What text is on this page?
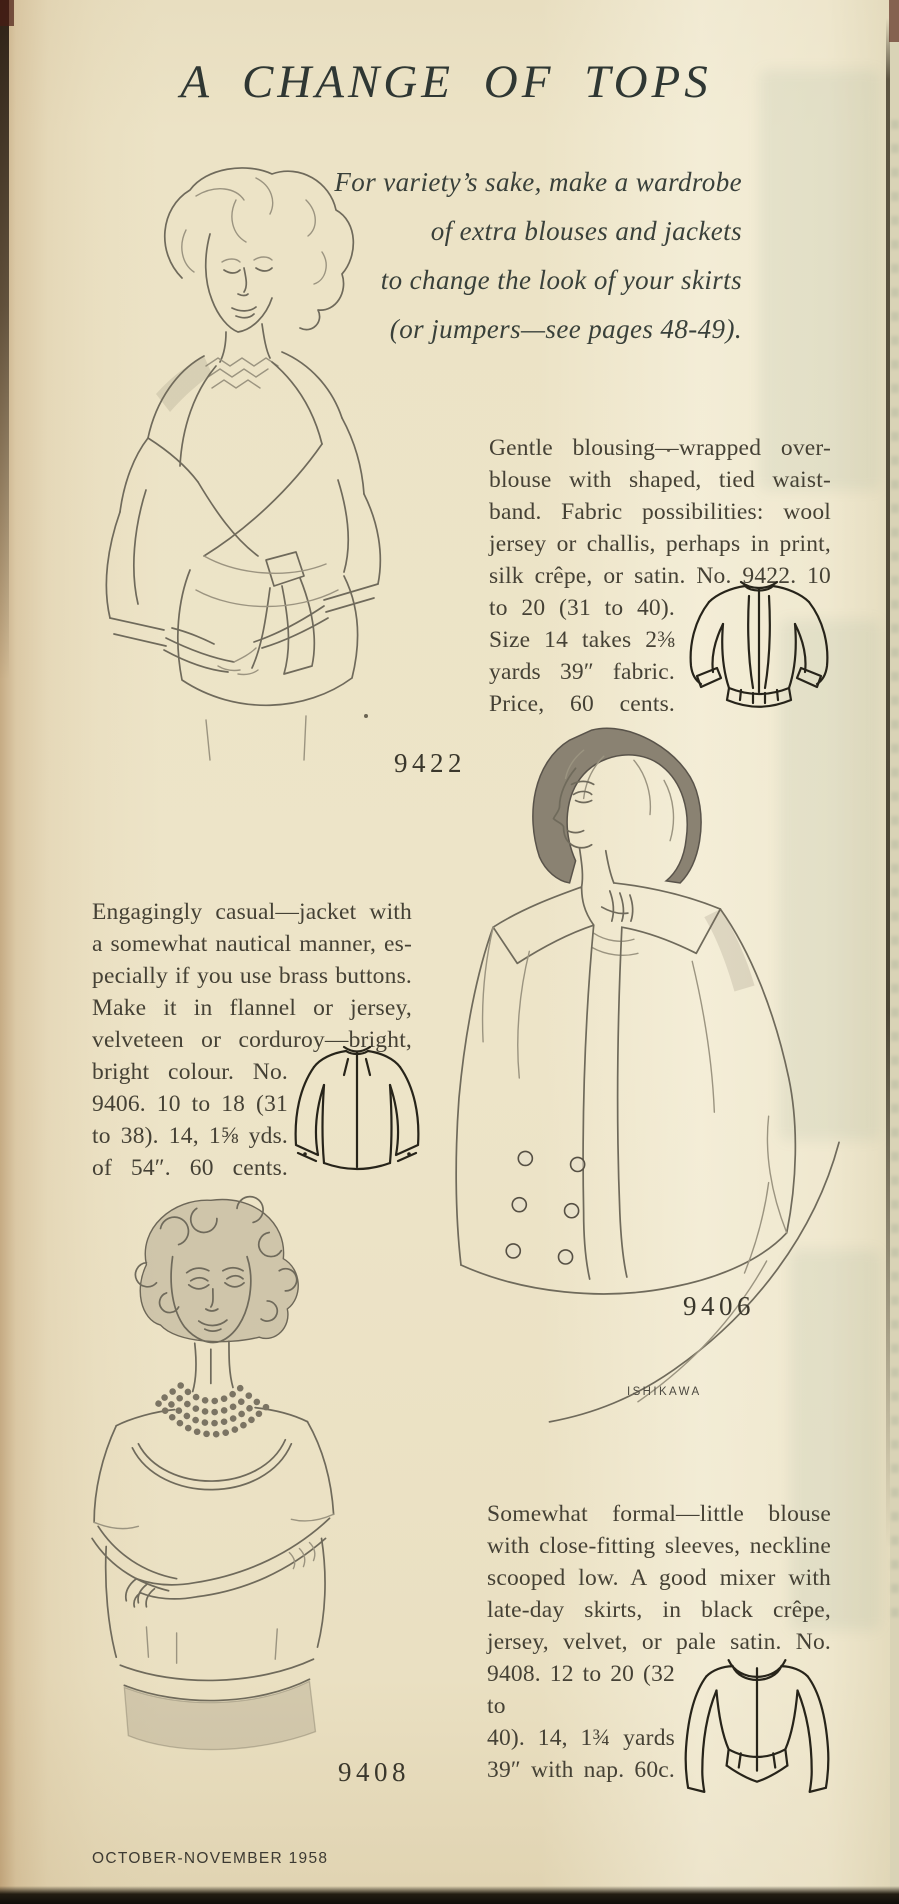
A CHANGE OF TOPS
For variety’s sake, make a wardrobe
of extra blouses and jackets
to change the look of your skirts
(or jumpers—see pages 48-49).
9422
Gentle blousing—wrapped over-
blouse with shaped, tied waist-
band. Fabric possibilities: wool
jersey or challis, perhaps in print,
silk crêpe, or satin. No. 9422. 10
to 20 (31 to 40).
Size 14 takes 2⅜
yards 39″ fabric.
Price, 60 cents.
9406
ISHIKAWA
Engagingly casual—jacket with
a somewhat nautical manner, es-
pecially if you use brass buttons.
Make it in flannel or jersey,
velveteen or corduroy—bright,
bright colour. No.
9406. 10 to 18 (31
to 38). 14, 1⅝ yds.
of 54″. 60 cents.
9408
Somewhat formal—little blouse
with close-fitting sleeves, neckline
scooped low. A good mixer with
late-day skirts, in black crêpe,
jersey, velvet, or pale satin. No.
9408. 12 to 20 (32 to
40). 14, 1¾ yards
39″ with nap. 60c.
OCTOBER-NOVEMBER 1958
